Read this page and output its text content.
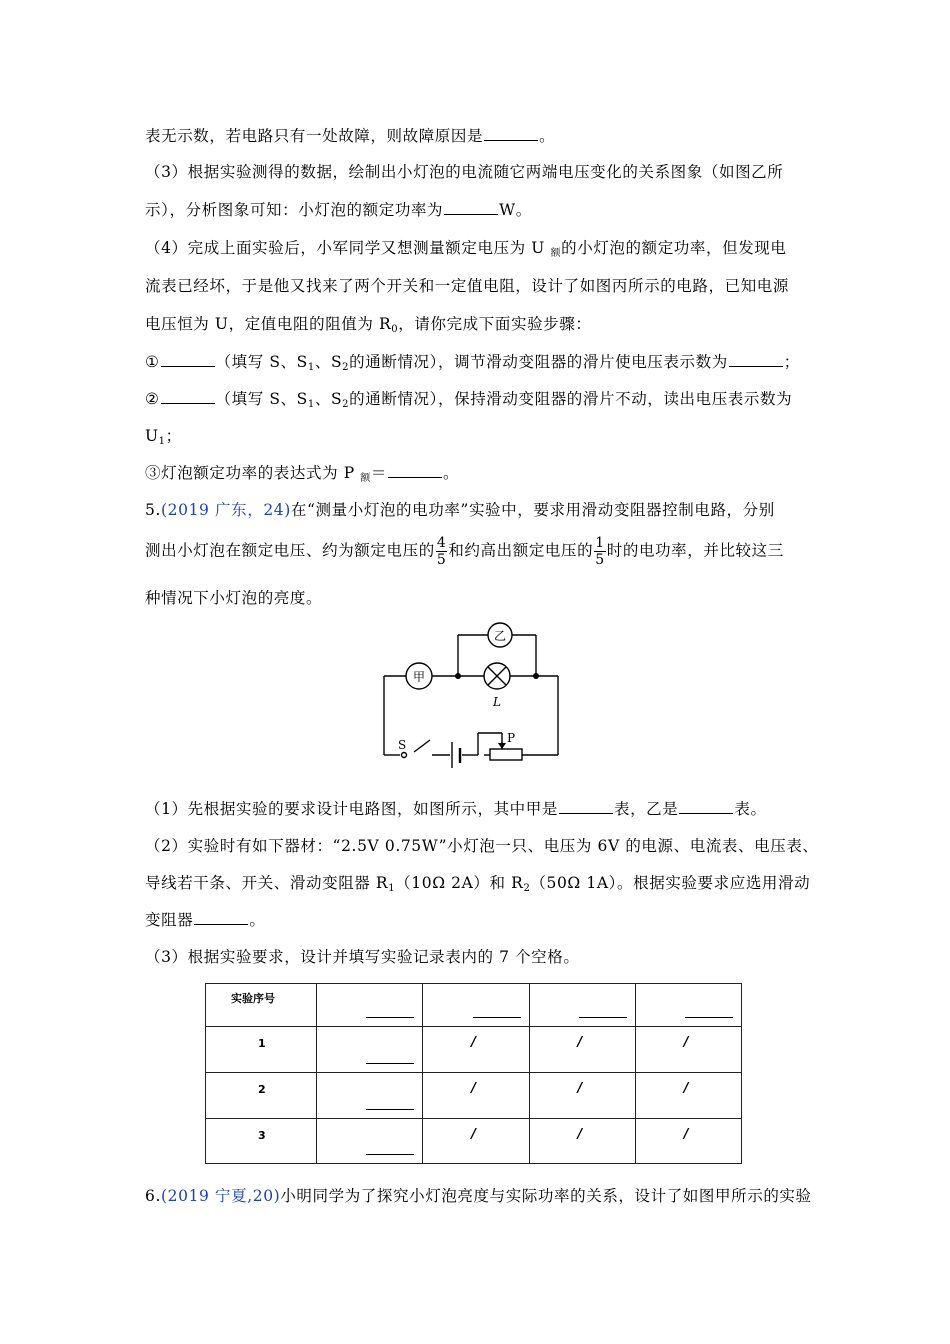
表无示数，若电路只有一处故障，则故障原因是	。
（3）根据实验测得的数据，绘制出小灯泡的电流随它两端电压变化的关系图象（如图乙所
示），分析图象可知：小灯泡的额定功率为	W。
（4）完成上面实验后，小军同学又想测量额定电压为 U $_额$的小灯泡的额定功率，但发现电
流表已经坏，于是他又找来了两个开关和一定值电阻，设计了如图丙所示的电路，已知电源
电压恒为 U，定值电阻的阻值为 $R_0$，请你完成下面实验步骤：
①	（填写 S、$S_1$、$S_2$的通断情况），调节滑动变阻器的滑片使电压表示数为	；
②	（填写 S、$S_1$、$S_2$的通断情况），保持滑动变阻器的滑片不动，读出电压表示数为
$U_1$；
③灯泡额定功率的表达式为 P $_额$＝	。
5.(2019 广东，24)在“测量小灯泡的电功率”实验中，要求用滑动变阻器控制电路，分别
测出小灯泡在额定电压、约为额定电压的 $\frac{4}{5}$ 和约高出额定电压的 $\frac{1}{5}$ 时的电功率，并比较这三
种情况下小灯泡的亮度。
甲
乙
L
S	P
（1）先根据实验的要求设计电路图，如图所示，其中甲是	表，乙是	表。
（2）实验时有如下器材：“2.5V 0.75W”小灯泡一只、电压为 6V 的电源、电流表、电压表、
导线若干条、开关、滑动变阻器 $R_1(10\Omega$ 2A）和 $R_2(50\Omega$ 1A）。根据实验要求应选用滑动
变阻器	。
（3）根据实验要求，设计并填写实验记录表内的 7 个空格。
实验序号				

1		/	/	/

2		/	/	/

3		/	/	/
6.(2019 宁夏,20)小明同学为了探究小灯泡亮度与实际功率的关系，设计了如图甲所示的实验
